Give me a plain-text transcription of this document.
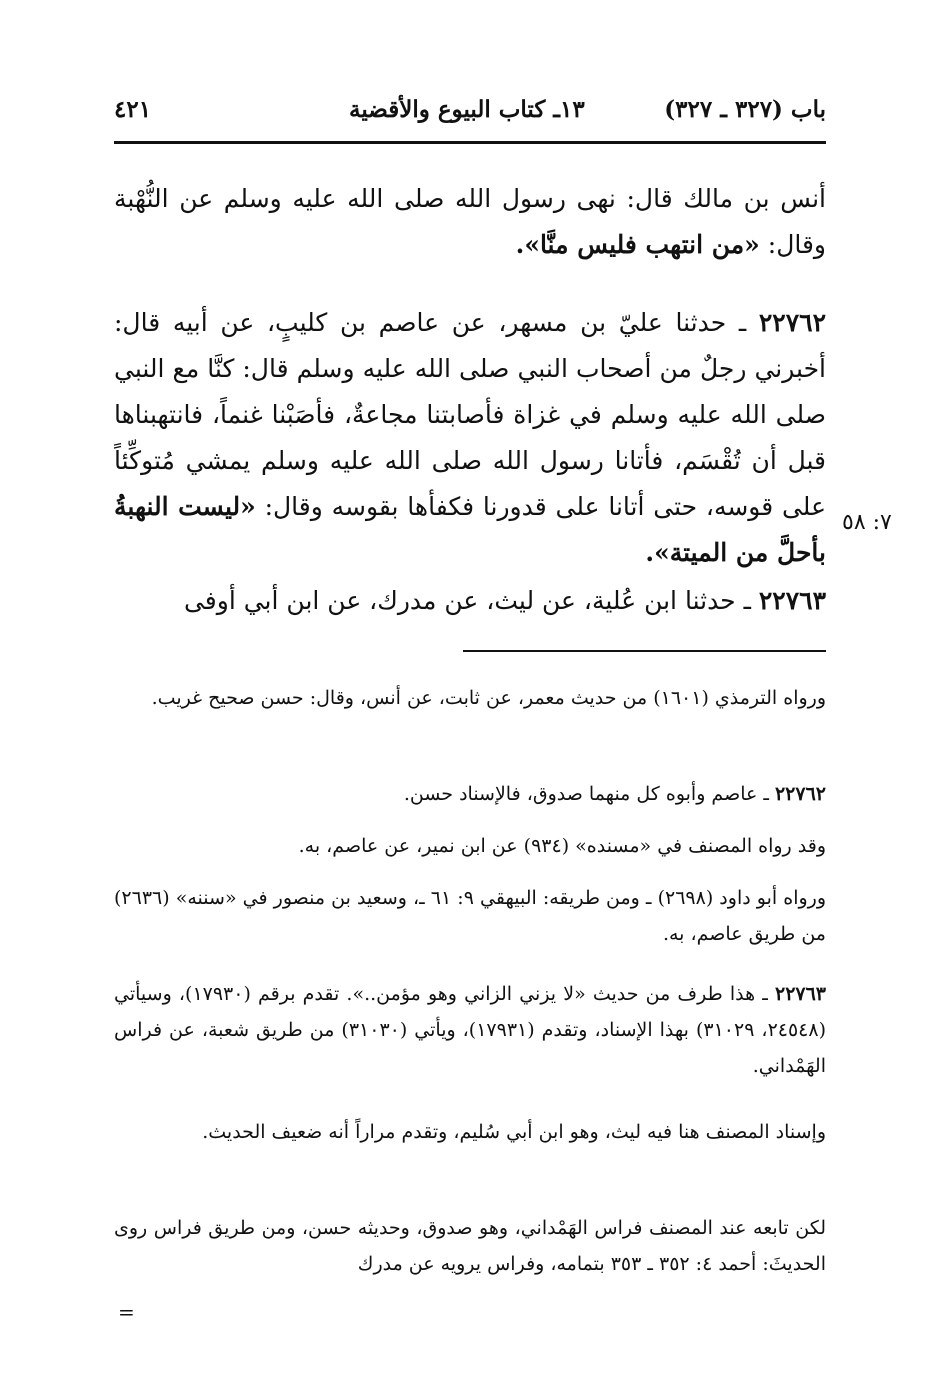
باب (٣٢٧ ـ ٣٢٧)
١٣ـ كتاب البيوع والأقضية
٤٢١
أنس بن مالك قال: نهى رسول الله صلى الله عليه وسلم عن النُّهْبة وقال: «من انتهب فليس منَّا».
٢٢٧٦٢ ـ حدثنا عليّ بن مسهر، عن عاصم بن كليبٍ، عن أبيه قال: أخبرني رجلٌ من أصحاب النبي صلى الله عليه وسلم قال: كنَّا مع النبي صلى الله عليه وسلم في غزاة فأصابتنا مجاعةٌ، فأصَبْنا غنماً، فانتهبناها قبل أن تُقْسَم، فأتانا رسول الله صلى الله عليه وسلم يمشي مُتوكِّئاً على قوسه، حتى أتانا على قدورنا فكفأها بقوسه وقال: «ليست النهبةُ بأحلَّ من الميتة».
٧: ٥٨
٢٢٧٦٣ ـ حدثنا ابن عُلية، عن ليث، عن مدرك، عن ابن أبي أوفى
ورواه الترمذي (١٦٠١) من حديث معمر، عن ثابت، عن أنس، وقال: حسن صحيح غريب.
٢٢٧٦٢ ـ عاصم وأبوه كل منهما صدوق، فالإسناد حسن.
وقد رواه المصنف في «مسنده» (٩٣٤) عن ابن نمير، عن عاصم، به.
ورواه أبو داود (٢٦٩٨) ـ ومن طريقه: البيهقي ٩: ٦١ ـ، وسعيد بن منصور في «سننه» (٢٦٣٦) من طريق عاصم، به.
٢٢٧٦٣ ـ هذا طرف من حديث «لا يزني الزاني وهو مؤمن..». تقدم برقم (١٧٩٣٠)، وسيأتي (٢٤٥٤٨، ٣١٠٢٩) بهذا الإسناد، وتقدم (١٧٩٣١)، ويأتي (٣١٠٣٠) من طريق شعبة، عن فراس الهَمْداني.
وإسناد المصنف هنا فيه ليث، وهو ابن أبي سُليم، وتقدم مراراً أنه ضعيف الحديث.
لكن تابعه عند المصنف فراس الهَمْداني، وهو صدوق، وحديثه حسن، ومن طريق فراس روى الحديثَ: أحمد ٤: ٣٥٢ ـ ٣٥٣ بتمامه، وفراس يرويه عن مدرك
=
